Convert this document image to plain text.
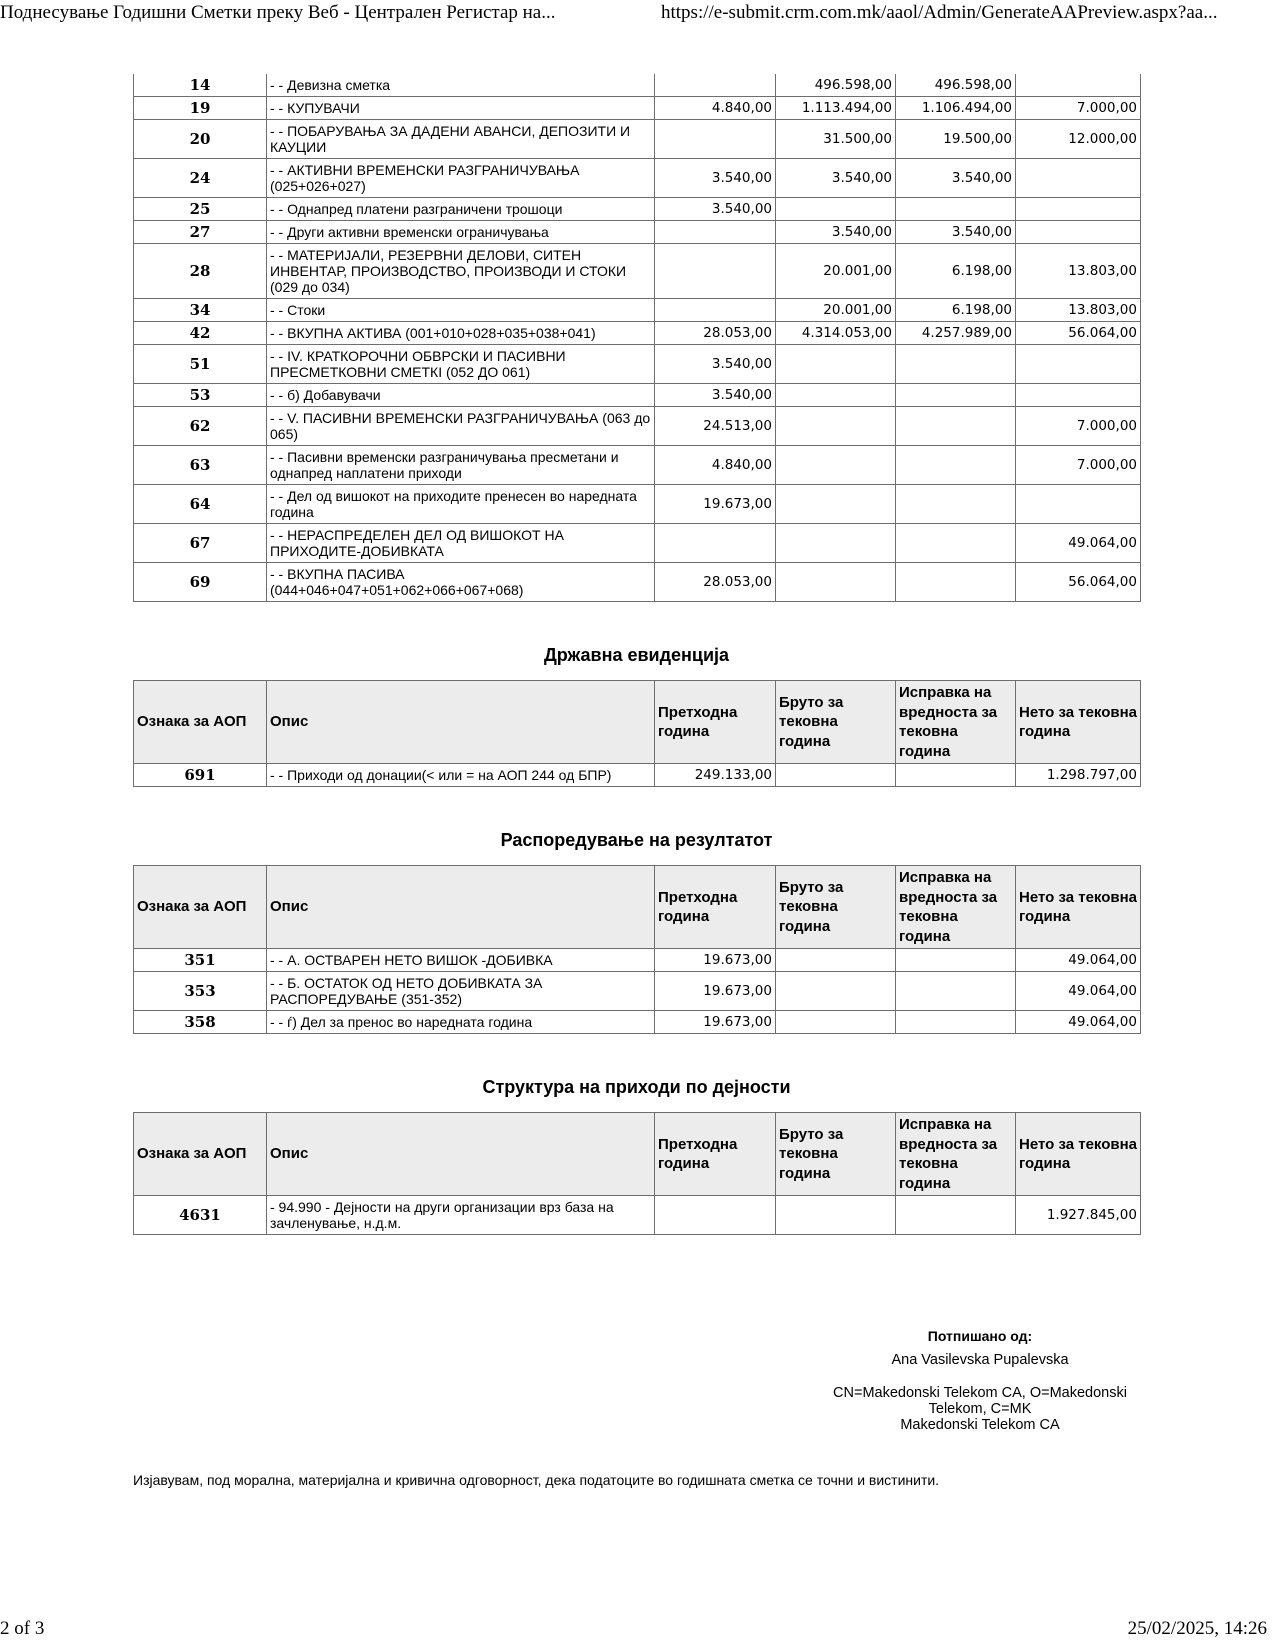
Поднесување Годишни Сметки преку Веб - Централен Регистар на...	https://e-submit.crm.com.mk/aaol/Admin/GenerateAAPreview.aspx?aa...
14	- - Девизна сметка		496.598,00	496.598,00	
19	- - КУПУВАЧИ	4.840,00	1.113.494,00	1.106.494,00	7.000,00
20	- - ПОБАРУВАЊА ЗА ДАДЕНИ АВАНСИ, ДЕПОЗИТИ И КАУЦИИ		31.500,00	19.500,00	12.000,00
24	- - АКТИВНИ ВРЕМЕНСКИ РАЗГРАНИЧУВАЊА (025+026+027)	3.540,00	3.540,00	3.540,00	
25	- - Однапред платени разграничени трошоци	3.540,00			
27	- - Други активни временски ограничувања		3.540,00	3.540,00	
28	- - МАТЕРИЈАЛИ, РЕЗЕРВНИ ДЕЛОВИ, СИТЕН ИНВЕНТАР, ПРОИЗВОДСТВО, ПРОИЗВОДИ И СТОКИ (029 до 034)		20.001,00	6.198,00	13.803,00
34	- - Стоки		20.001,00	6.198,00	13.803,00
42	- - ВКУПНА АКТИВА (001+010+028+035+038+041)	28.053,00	4.314.053,00	4.257.989,00	56.064,00
51	- - IV. КРАТКОРОЧНИ ОБВРСКИ И ПАСИВНИ ПРЕСМЕТКОВНИ СМЕТКI (052 ДО 061)	3.540,00			
53	- - б) Добавувачи	3.540,00			
62	- - V. ПАСИВНИ ВРЕМЕНСКИ РАЗГРАНИЧУВАЊА (063 до 065)	24.513,00			7.000,00
63	- - Пасивни временски разграничувања пресметани и однапред наплатени приходи	4.840,00			7.000,00
64	- - Дел од вишокот на приходите пренесен во наредната година	19.673,00			
67	- - НЕРАСПРЕДЕЛЕН ДЕЛ ОД ВИШОКОТ НА ПРИХОДИТЕ-ДОБИВКАТА				49.064,00
69	- - ВКУПНА ПАСИВА (044+046+047+051+062+066+067+068)	28.053,00			56.064,00
Државна евиденција
Ознака за АОП	Опис	Претходна година	Бруто за тековна година	Исправка на вредноста за тековна година	Нето за тековна година
691	- - Приходи од донации(< или = на АОП 244 од БПР)	249.133,00			1.298.797,00
Распоредување на резултатот
Ознака за АОП	Опис	Претходна година	Бруто за тековна година	Исправка на вредноста за тековна година	Нето за тековна година
351	- - А. ОСТВАРЕН НЕТО ВИШОК -ДОБИВКА	19.673,00			49.064,00
353	- - Б. ОСТАТОК ОД НЕТО ДОБИВКАТА ЗА РАСПОРЕДУВАЊЕ (351-352)	19.673,00			49.064,00
358	- - ѓ) Дел за пренос во наредната година	19.673,00			49.064,00
Структура на приходи по дејности
Ознака за АОП	Опис	Претходна година	Бруто за тековна година	Исправка на вредноста за тековна година	Нето за тековна година
4631	- 94.990 - Дејности на други организации врз база на зачленување, н.д.м.				1.927.845,00
Потпишано од:
Ana Vasilevska Pupalevska
CN=Makedonski Telekom CA, O=Makedonski
Telekom, C=MK
Makedonski Telekom CA
Изјавувам, под морална, материјална и кривична одговорност, дека податоците во годишната сметка се точни и вистинити.
2 of 3	25/02/2025, 14:26
